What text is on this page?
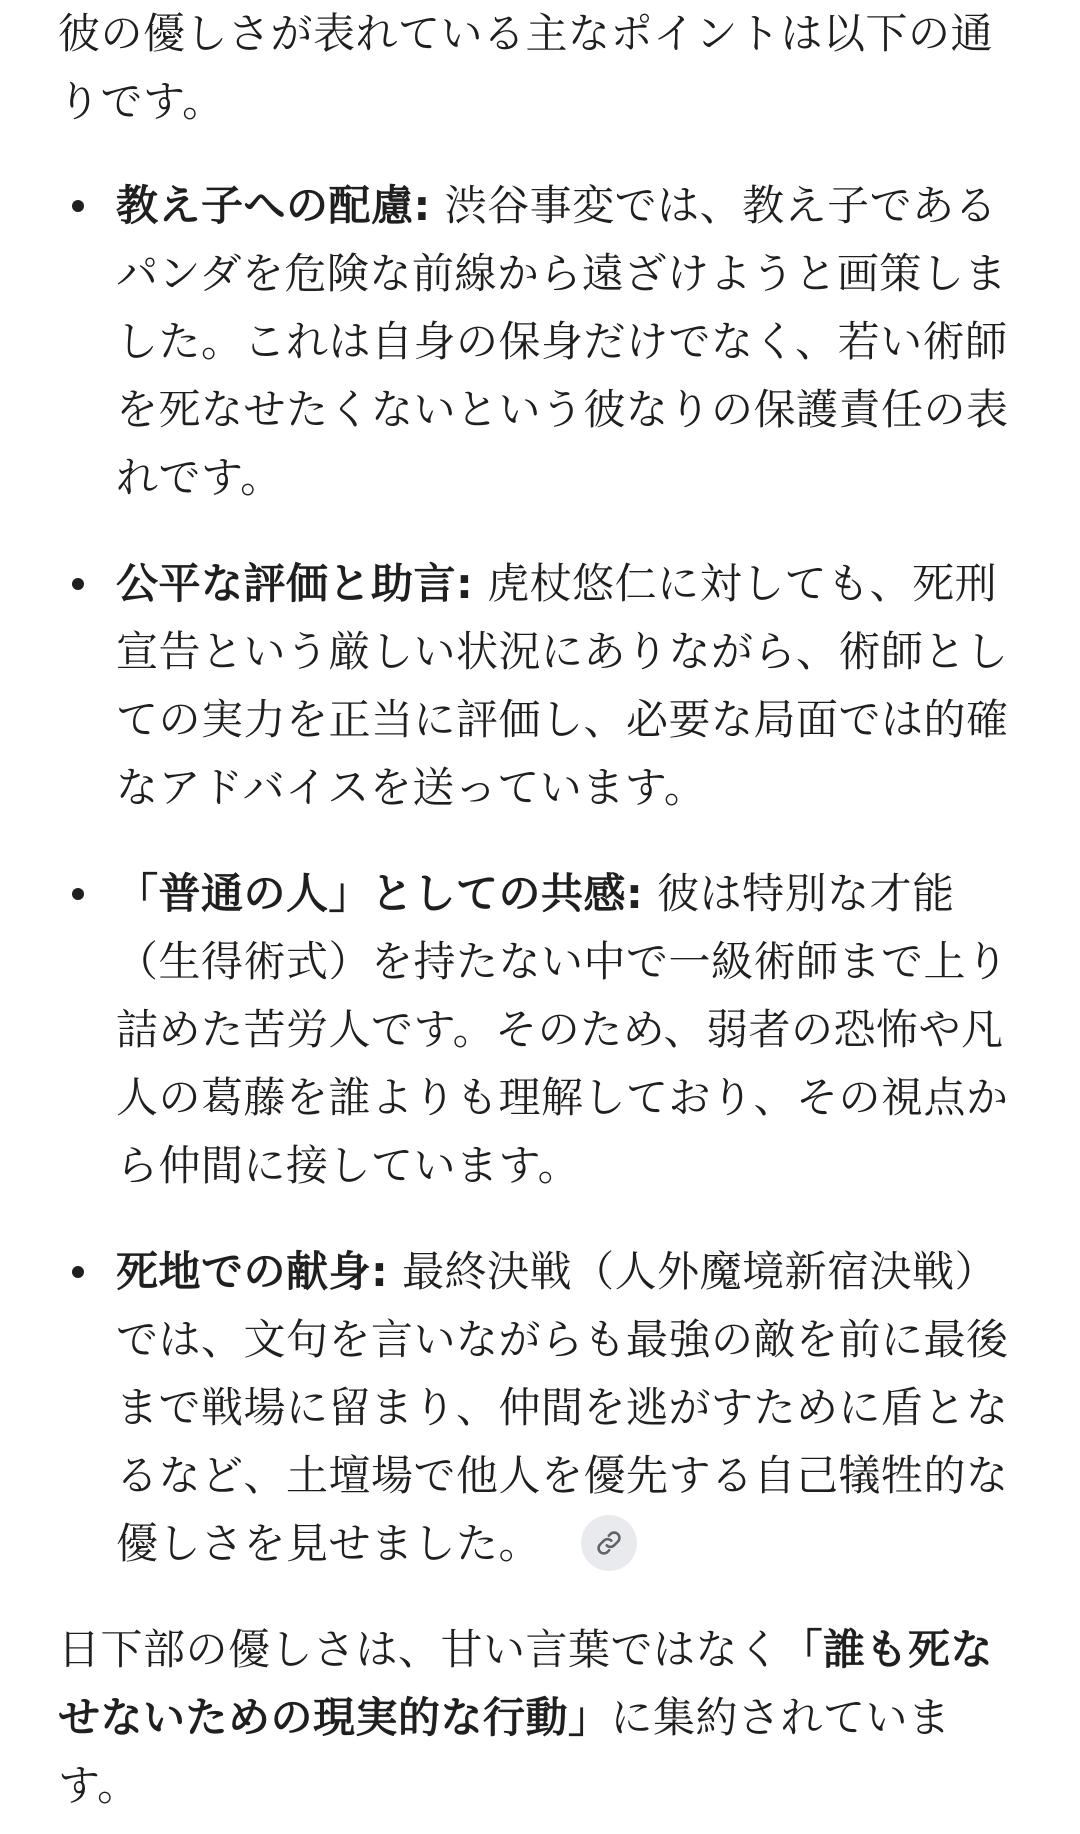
彼の優しさが表れている主なポイントは以下の通りです。

教え子への配慮: 渋谷事変では、教え子であるパンダを危険な前線から遠ざけようと画策しました。これは自身の保身だけでなく、若い術師を死なせたくないという彼なりの保護責任の表れです。
公平な評価と助言: 虎杖悠仁に対しても、死刑宣告という厳しい状況にありながら、術師としての実力を正当に評価し、必要な局面では的確なアドバイスを送っています。
「普通の人」としての共感: 彼は特別な才能（生得術式）を持たない中で一級術師まで上り詰めた苦労人です。そのため、弱者の恐怖や凡人の葛藤を誰よりも理解しており、その視点から仲間に接しています。
死地での献身: 最終決戦（人外魔境新宿決戦）では、文句を言いながらも最強の敵を前に最後まで戦場に留まり、仲間を逃がすために盾となるなど、土壇場で他人を優先する自己犠牲的な優しさを見せました。

日下部の優しさは、甘い言葉ではなく「誰も死なせないための現実的な行動」に集約されています。
